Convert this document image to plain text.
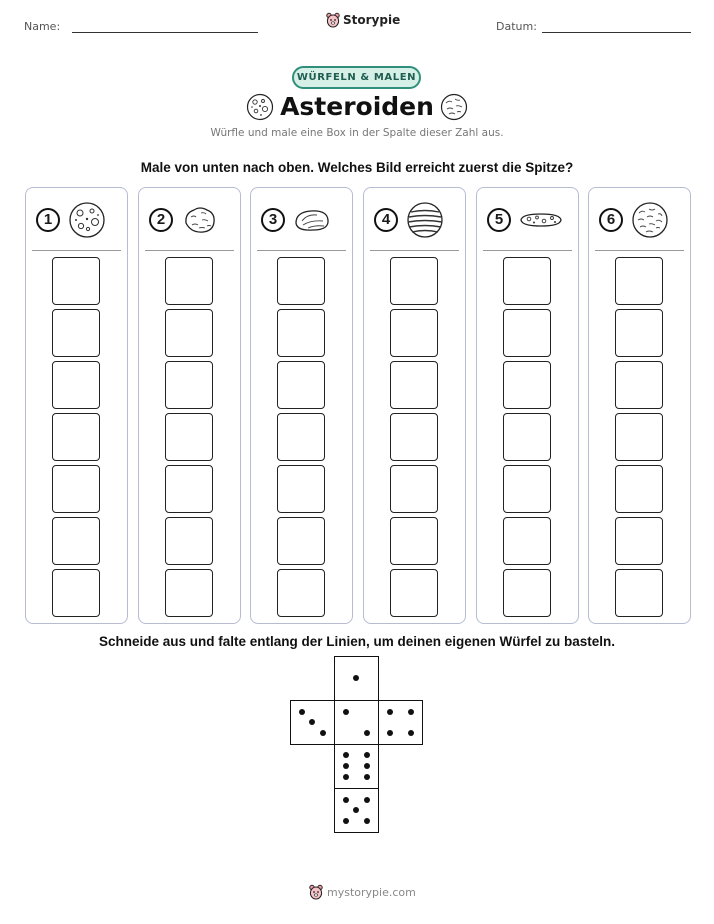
Name:	Storypie	Datum:
WÜRFELN & MALEN
Asteroiden
Würfle und male eine Box in der Spalte dieser Zahl aus.
Male von unten nach oben. Welches Bild erreicht zuerst die Spitze?
1	2	3	4	5	6
Schneide aus und falte entlang der Linien, um deinen eigenen Würfel zu basteln.
mystorypie.com
